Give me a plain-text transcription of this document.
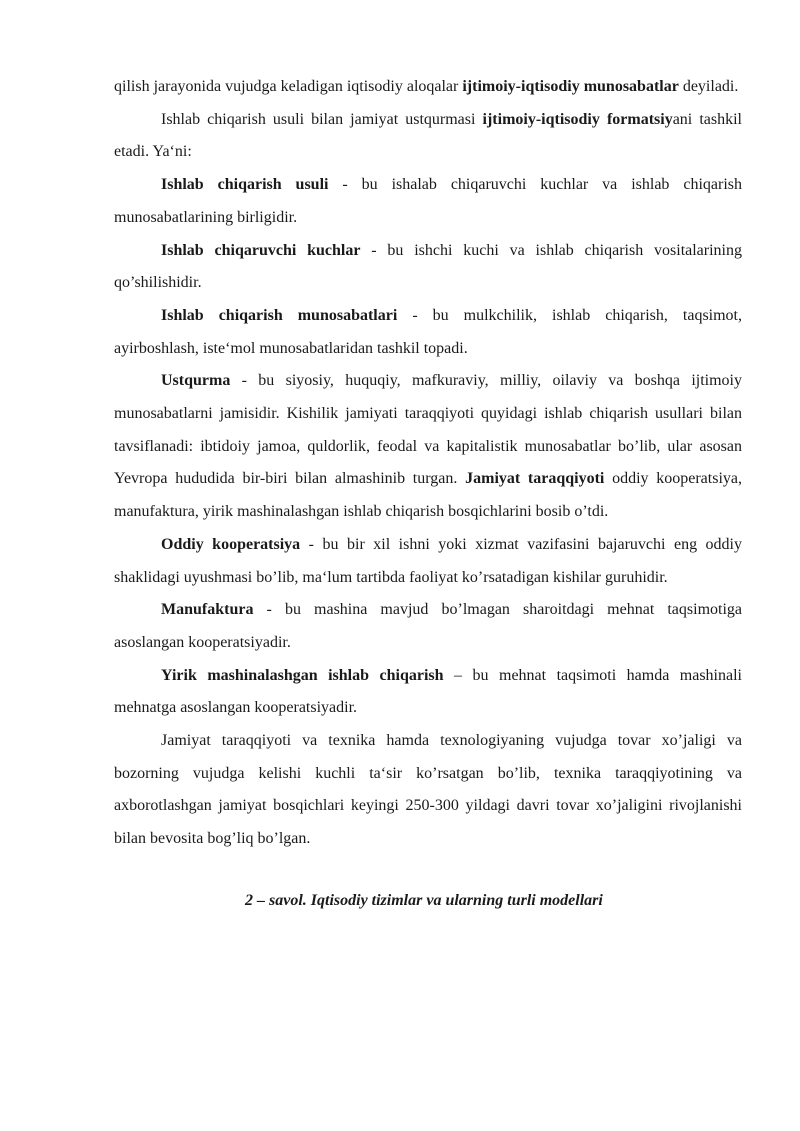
qilish jarayonida vujudga keladigan iqtisodiy aloqalar ijtimoiy-iqtisodiy munosabatlar deyiladi.

Ishlab chiqarish usuli bilan jamiyat ustqurmasi ijtimoiy-iqtisodiy formatsiyani tashkil etadi. Ya‘ni:

Ishlab chiqarish usuli - bu ishalab chiqaruvchi kuchlar va ishlab chiqarish munosabatlarining birligidir.

Ishlab chiqaruvchi kuchlar - bu ishchi kuchi va ishlab chiqarish vositalarining qo’shilishidir.

Ishlab chiqarish munosabatlari - bu mulkchilik, ishlab chiqarish, taqsimot, ayirboshlash, iste‘mol munosabatlaridan tashkil topadi.

Ustqurma - bu siyosiy, huquqiy, mafkuraviy, milliy, oilaviy va boshqa ijtimoiy munosabatlarni jamisidir. Kishilik jamiyati taraqqiyoti quyidagi ishlab chiqarish usullari bilan tavsiflanadi: ibtidoiy jamoa, quldorlik, feodal va kapitalistik munosabatlar bo’lib, ular asosan Yevropa hududida bir-biri bilan almashinib turgan. Jamiyat taraqqiyoti oddiy kooperatsiya, manufaktura, yirik mashinalashgan ishlab chiqarish bosqichlarini bosib o’tdi.

Oddiy kooperatsiya - bu bir xil ishni yoki xizmat vazifasini bajaruvchi eng oddiy shaklidagi uyushmasi bo’lib, ma‘lum tartibda faoliyat ko’rsatadigan kishilar guruhidir.

Manufaktura - bu mashina mavjud bo’lmagan sharoitdagi mehnat taqsimotiga asoslangan kooperatsiyadir.

Yirik mashinalashgan ishlab chiqarish – bu mehnat taqsimoti hamda mashinali mehnatga asoslangan kooperatsiyadir.

Jamiyat taraqqiyoti va texnika hamda texnologiyaning vujudga tovar xo’jaligi va bozorning vujudga kelishi kuchli ta‘sir ko’rsatgan bo’lib, texnika taraqqiyotining va axborotlashgan jamiyat bosqichlari keyingi 250-300 yildagi davri tovar xo’jaligini rivojlanishi bilan bevosita bog’liq bo’lgan.

2 – savol. Iqtisodiy tizimlar va ularning turli modellari
